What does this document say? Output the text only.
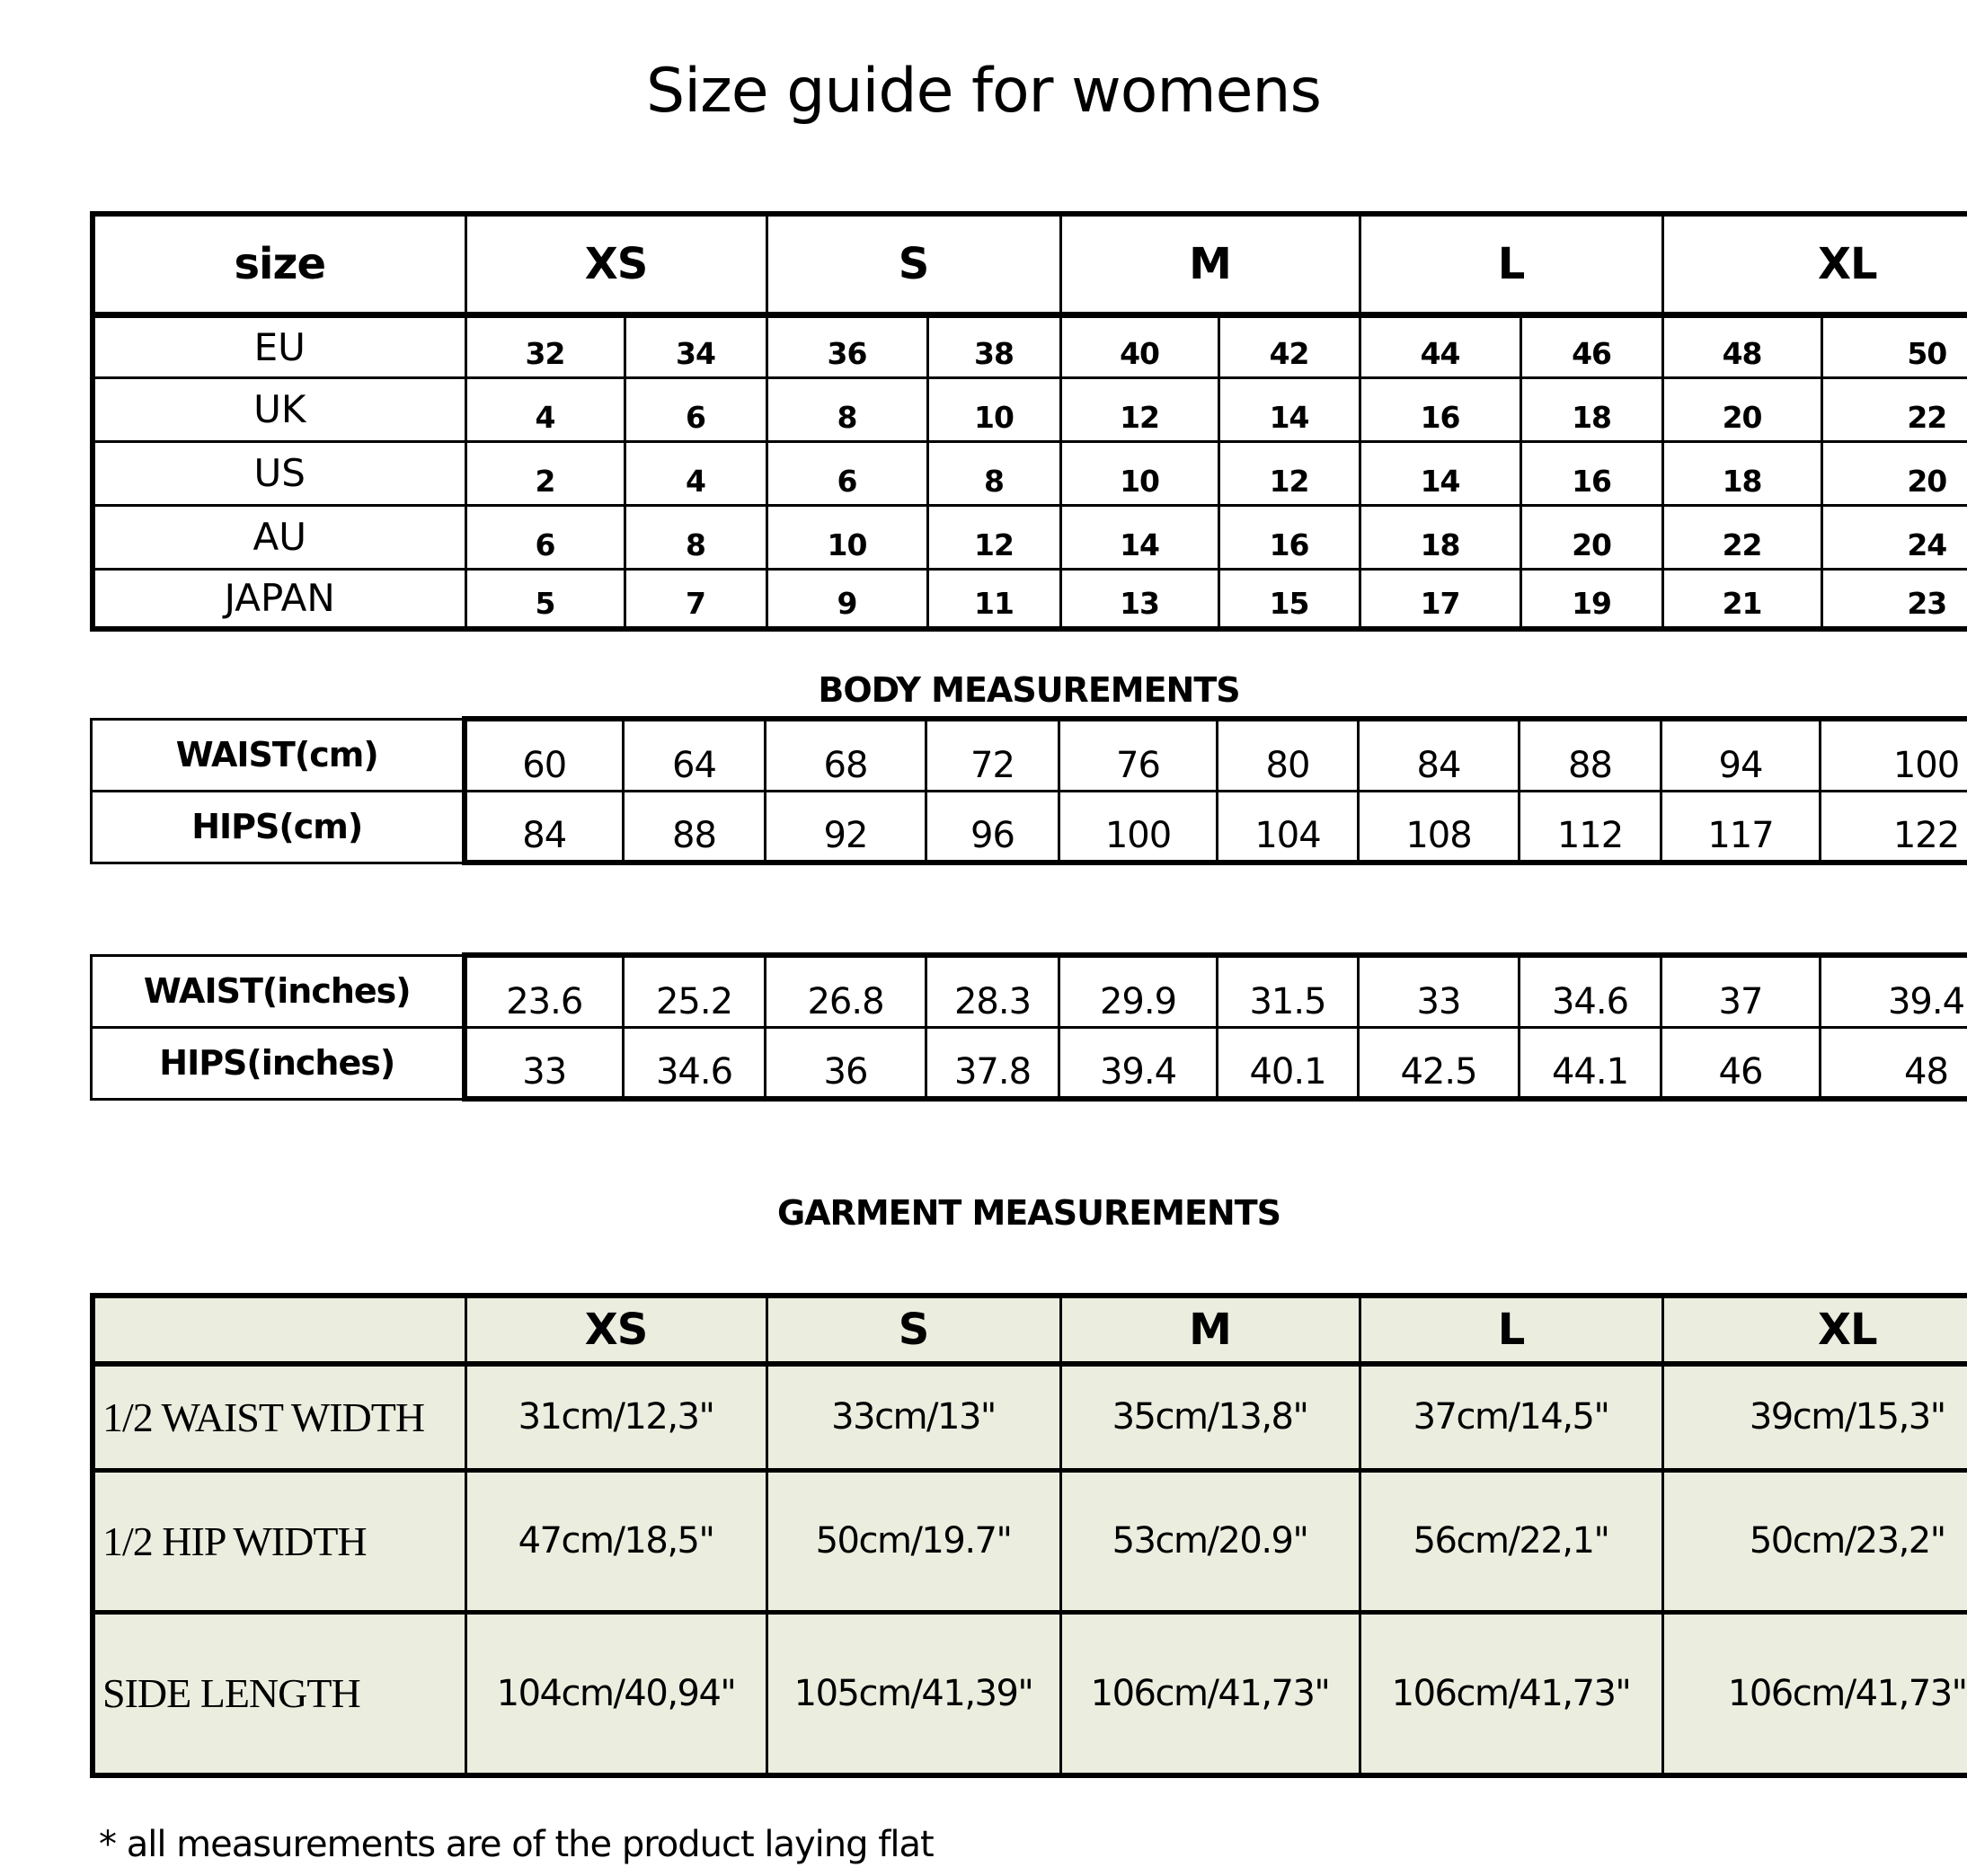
Size guide for womens
size	XS		S		M		L		XL	
EU	32	34	36	38	40	42	44	46	48	50
UK	4	6	8	10	12	14	16	18	20	22
US	2	4	6	8	10	12	14	16	18	20
AU	6	8	10	12	14	16	18	20	22	24
JAPAN	5	7	9	11	13	15	17	19	21	23
BODY MEASUREMENTS
WAIST(cm)	60	64	68	72	76	80	84	88	94	100
HIPS(cm)	84	88	92	96	100	104	108	112	117	122
WAIST(inches)	23.6	25.2	26.8	28.3	29.9	31.5	33	34.6	37	39.4
HIPS(inches)	33	34.6	36	37.8	39.4	40.1	42.5	44.1	46	48
GARMENT MEASUREMENTS
	XS	S	M	L	XL
1/2 WAIST WIDTH	31cm/12,3"	33cm/13"	35cm/13,8"	37cm/14,5"	39cm/15,3"
1/2 HIP WIDTH	47cm/18,5"	50cm/19.7"	53cm/20.9"	56cm/22,1"	50cm/23,2"
SIDE LENGTH	104cm/40,94"	105cm/41,39"	106cm/41,73"	106cm/41,73"	106cm/41,73"
* all measurements are of the product laying flat
